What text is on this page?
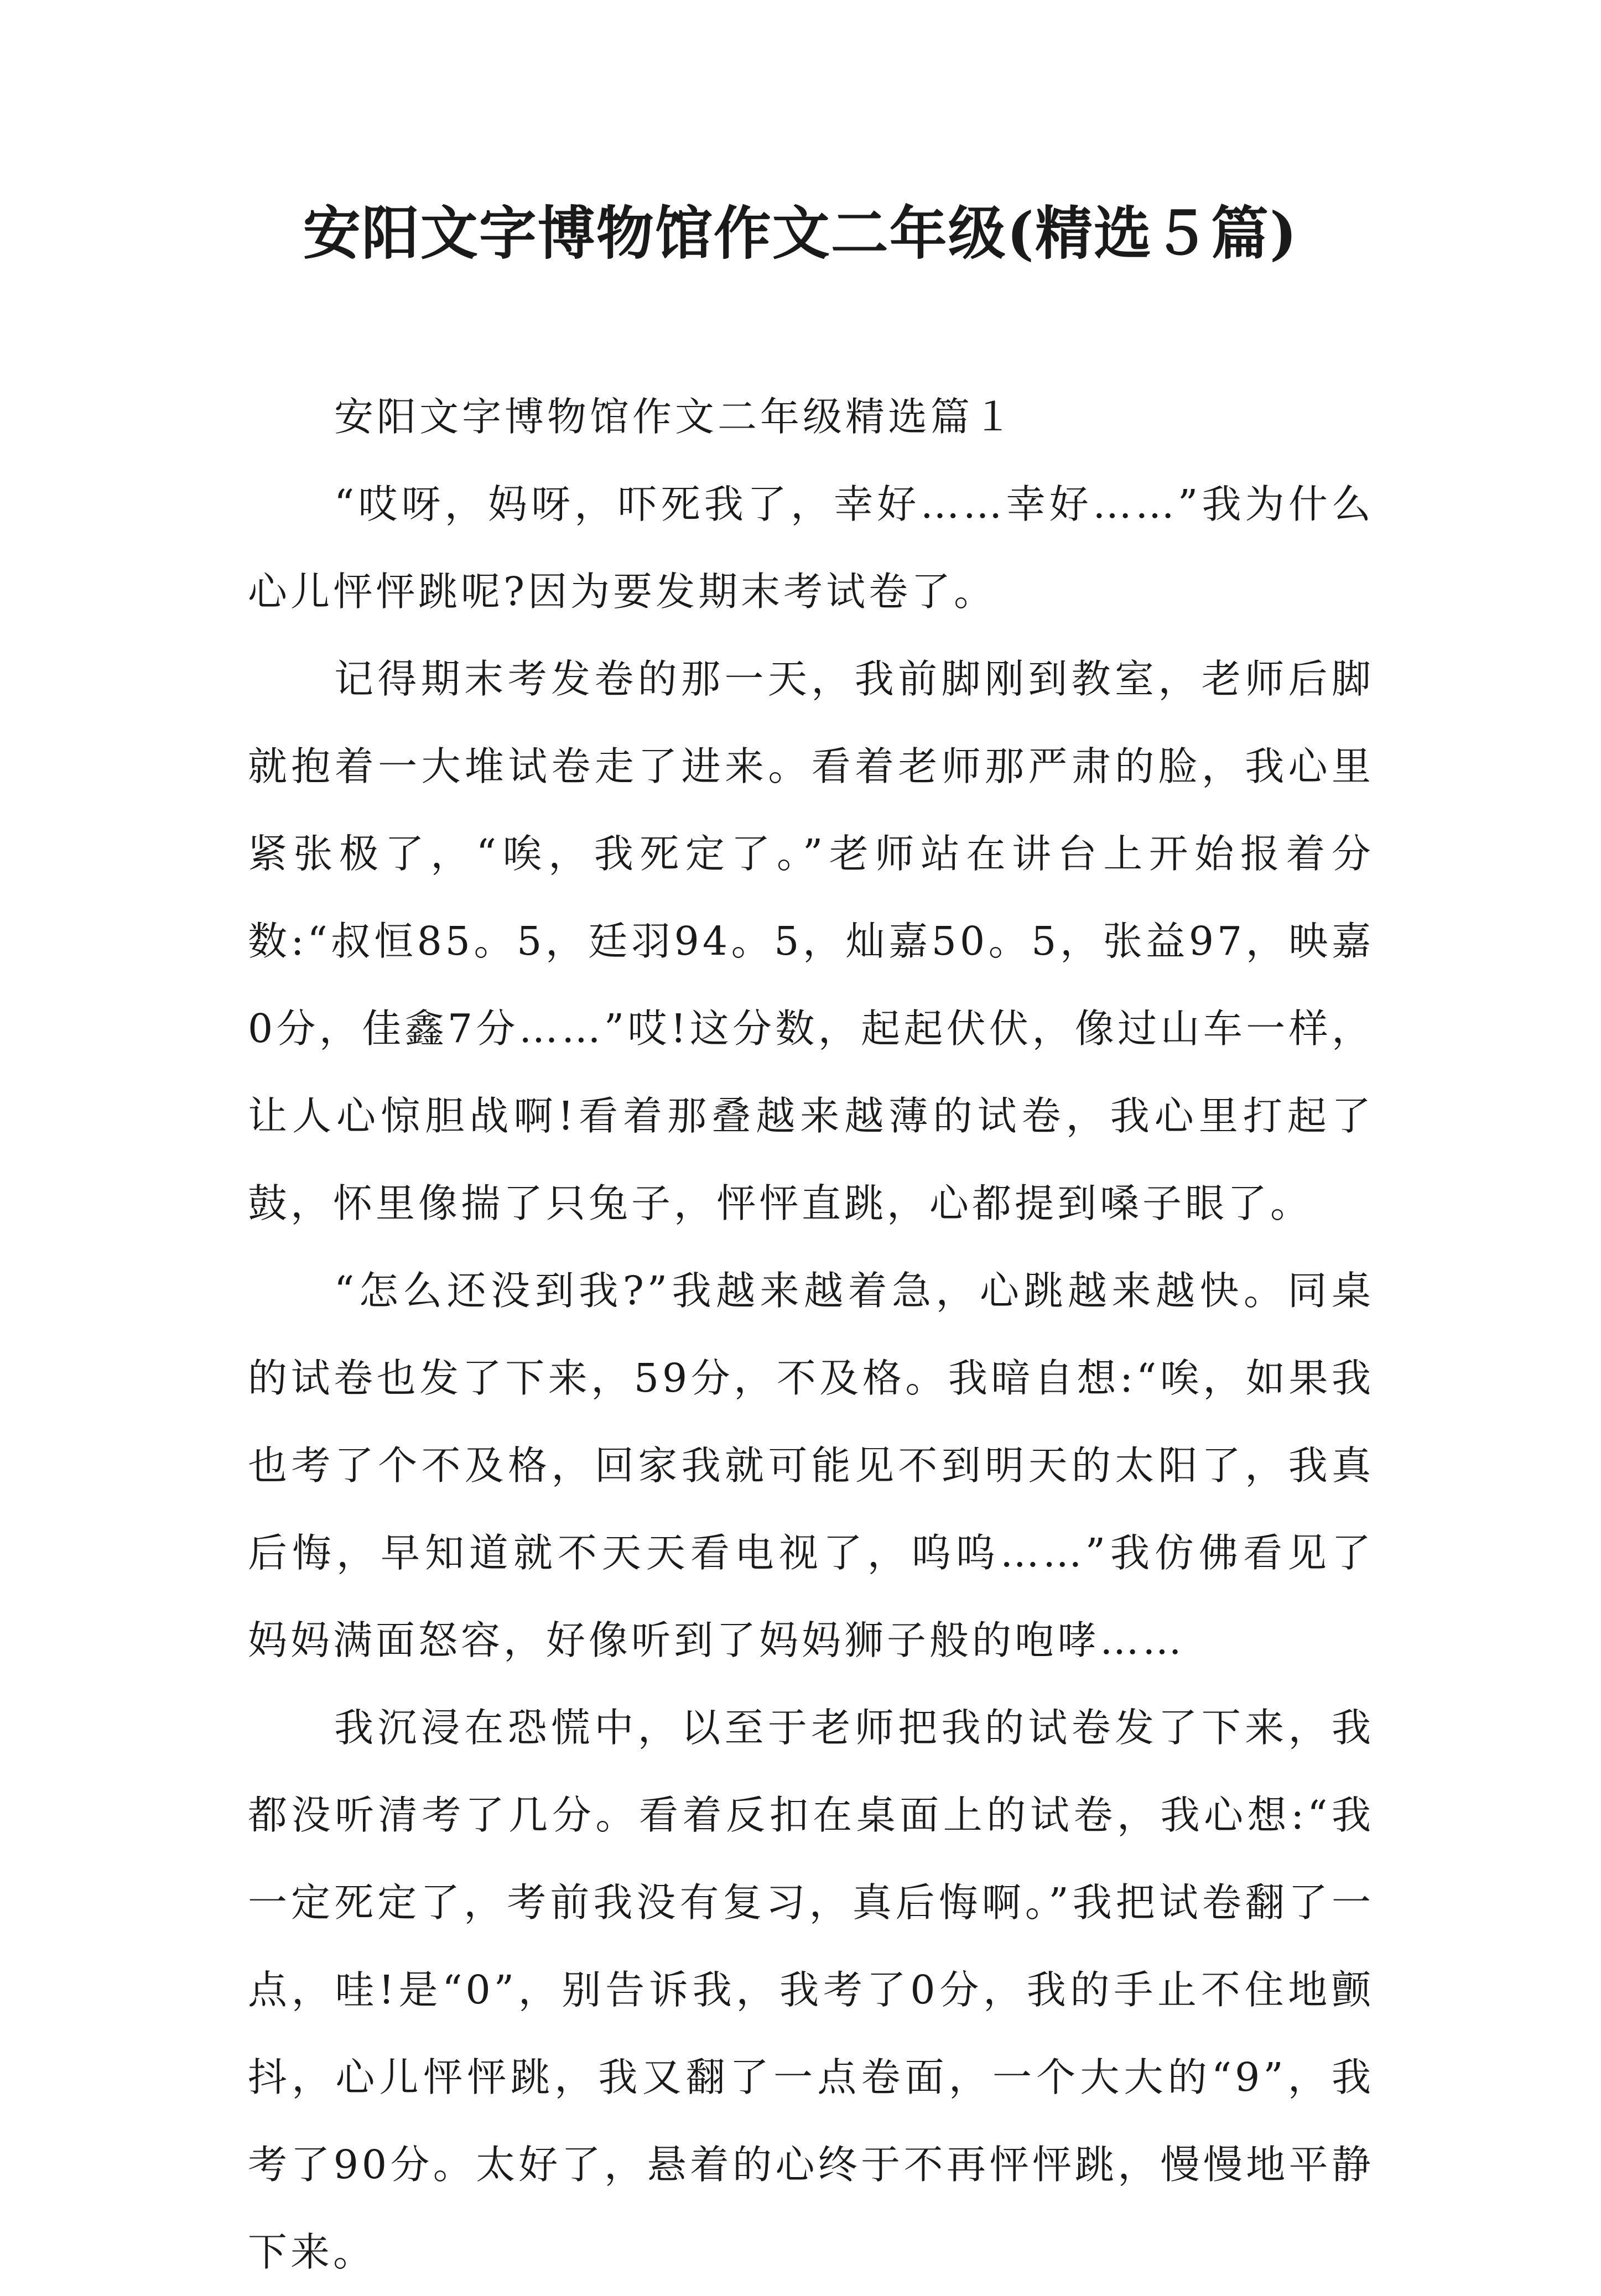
安阳文字博物馆作文二年级(精选５篇)

安阳文字博物馆作文二年级精选篇１

“哎呀，妈呀，吓死我了，幸好……幸好……”我为什么心儿怦怦跳呢?因为要发期末考试卷了。

记得期末考发卷的那一天，我前脚刚到教室，老师后脚就抱着一大堆试卷走了进来。看着老师那严肃的脸，我心里紧张极了，“唉，我死定了。”老师站在讲台上开始报着分数:“叔恒85。5，廷羽94。5，灿嘉50。5，张益97，映嘉0分，佳鑫7分……”哎!这分数，起起伏伏，像过山车一样，让人心惊胆战啊!看着那叠越来越薄的试卷，我心里打起了鼓，怀里像揣了只兔子，怦怦直跳，心都提到嗓子眼了。

“怎么还没到我?”我越来越着急，心跳越来越快。同桌的试卷也发了下来，59分，不及格。我暗自想:“唉，如果我也考了个不及格，回家我就可能见不到明天的太阳了，我真后悔，早知道就不天天看电视了，呜呜……”我仿佛看见了妈妈满面怒容，好像听到了妈妈狮子般的咆哮……

我沉浸在恐慌中，以至于老师把我的试卷发了下来，我都没听清考了几分。看着反扣在桌面上的试卷，我心想:“我一定死定了，考前我没有复习，真后悔啊。”我把试卷翻了一点，哇!是“0”，别告诉我，我考了0分，我的手止不住地颤抖，心儿怦怦跳，我又翻了一点卷面，一个大大的“9”，我考了90分。太好了，悬着的心终于不再怦怦跳，慢慢地平静下来。
